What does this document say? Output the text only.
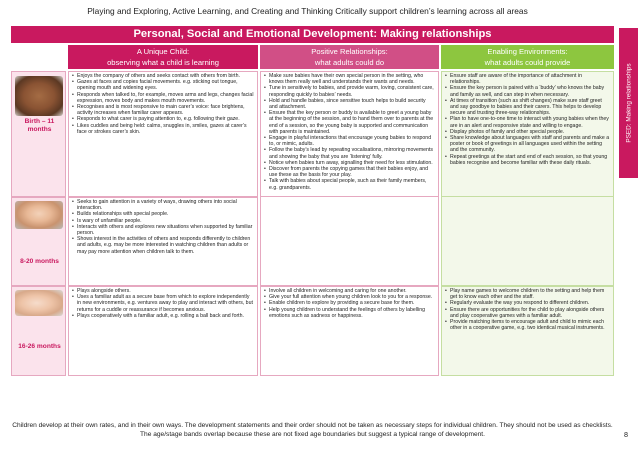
Playing and Exploring, Active Learning, and Creating and Thinking Critically support children’s learning across all areas
Personal, Social and Emotional Development: Making relationships
PSED: Making relationships
A Unique Child:
observing what a child is learning
Positive Relationships:
what adults could do
Enabling Environments:
what adults could provide
Birth – 11 months
• Enjoys the company of others and seeks contact with others from birth.
• Gazes at faces and copies facial movements. e.g. sticking out tongue, opening mouth and widening eyes.
• Responds when talked to, for example, moves arms and legs, changes facial expression, moves body and makes mouth movements.
• Recognises and is most responsive to main carer’s voice: face brightens, activity increases when familiar carer appears.
• Responds to what carer is paying attention to, e.g. following their gaze.
• Likes cuddles and being held: calms, snuggles in, smiles, gazes at carer’s face or strokes carer’s skin.
• Make sure babies have their own special person in the setting, who knows them really well and understands their wants and needs.
• Tune in sensitively to babies, and provide warm, loving, consistent care, responding quickly to babies’ needs.
• Hold and handle babies, since sensitive touch helps to build security and attachment.
• Ensure that the key person or buddy is available to greet a young baby at the beginning of the session, and to hand them over to parents at the end of a session, so the young baby is supported and communication with parents is maintained.
• Engage in playful interactions that encourage young babies to respond to, or mimic, adults.
• Follow the baby’s lead by repeating vocalisations, mirroring movements and showing the baby that you are ‘listening’ fully.
• Notice when babies turn away, signalling their need for less stimulation.
• Discover from parents the copying games that their babies enjoy, and use these as the basis for your play.
• Talk with babies about special people, such as their family members, e.g. grandparents.
• Ensure staff are aware of the importance of attachment in relationships.
• Ensure the key person is paired with a ‘buddy’ who knows the baby and family as well, and can step in when necessary.
• At times of transition (such as shift changes) make sure staff greet and say goodbye to babies and their carers. This helps to develop secure and trusting three-way relationships.
• Plan to have one-to-one time to interact with young babies when they are in an alert and responsive state and willing to engage.
• Display photos of family and other special people.
• Share knowledge about languages with staff and parents and make a poster or book of greetings in all languages used within the setting and the community.
• Repeat greetings at the start and end of each session, so that young babies recognise and become familiar with these daily rituals.
8-20 months
• Seeks to gain attention in a variety of ways, drawing others into social interaction.
• Builds relationships with special people.
• Is wary of unfamiliar people.
• Interacts with others and explores new situations when supported by familiar person.
• Shows interest in the activities of others and responds differently to children and adults, e.g. may be more interested in watching children than adults or may pay more attention when children talk to them.
16-26 months
• Plays alongside others.
• Uses a familiar adult as a secure base from which to explore independently in new environments, e.g. ventures away to play and interact with others, but returns for a cuddle or reassurance if becomes anxious.
• Plays cooperatively with a familiar adult, e.g. rolling a ball back and forth.
• Involve all children in welcoming and caring for one another.
• Give your full attention when young children look to you for a response.
• Enable children to explore by providing a secure base for them.
• Help young children to understand the feelings of others by labelling emotions such as sadness or happiness.
• Play name games to welcome children to the setting and help them get to know each other and the staff.
• Regularly evaluate the way you respond to different children.
• Ensure there are opportunities for the child to play alongside others and play cooperative games with a familiar adult.
• Provide matching items to encourage adult and child to mimic each other in a cooperative game, e.g. two identical musical instruments.
Children develop at their own rates, and in their own ways. The development statements and their order should not be taken as necessary steps for individual children. They should not be used as checklists. The age/stage bands overlap because these are not fixed age boundaries but suggest a typical range of development.	8
